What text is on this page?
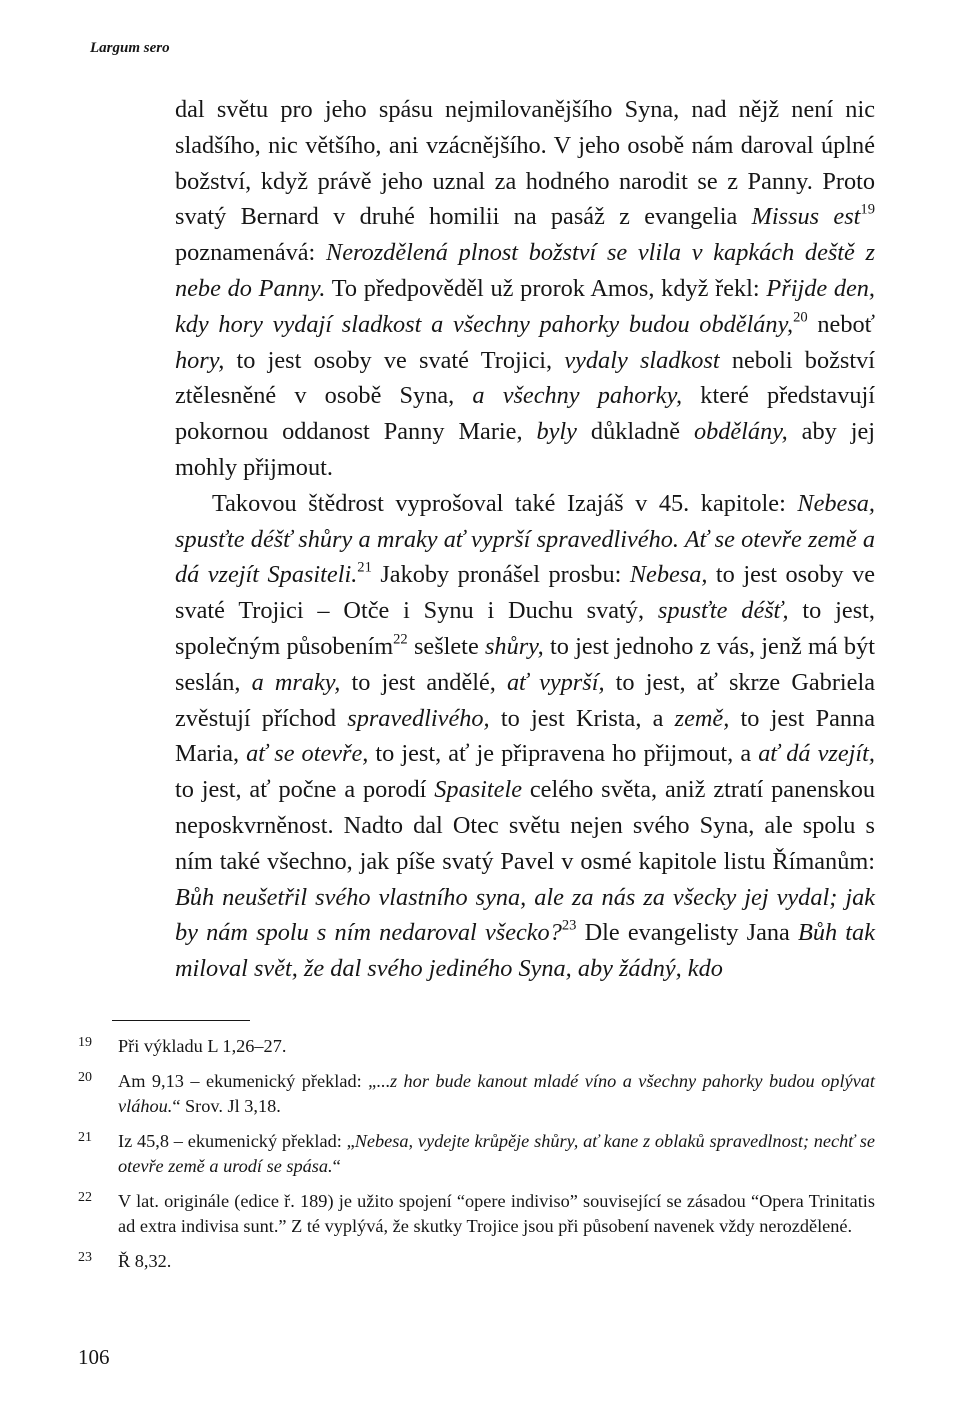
Largum sero

dal světu pro jeho spásu nejmilovanějšího Syna, nad nějž není nic sladšího, nic většího, ani vzácnějšího. V jeho osobě nám daroval úplné božství, když právě jeho uznal za hodného narodit se z Panny. Proto svatý Bernard v druhé homilii na pasáž z evangelia Missus est$^{19}$ poznamenává: Nerozdělená plnost božství se vlila v kapkách deště z nebe do Panny. To předpověděl už prorok Amos, když řekl: Přijde den, kdy hory vydají sladkost a všechny pahorky budou obdělány,$^{20}$ neboť hory, to jest osoby ve svaté Trojici, vydaly sladkost neboli božství ztělesněné v osobě Syna, a všechny pahorky, které představují pokornou oddanost Panny Marie, byly důkladně obdělány, aby jej mohly přijmout.

Takovou štědrost vyprošoval také Izajáš v 45. kapitole: Nebesa, spusťte déšť shůry a mraky ať vyprší spravedlivého. Ať se otevře země a dá vzejít Spasiteli.$^{21}$ Jakoby pronášel prosbu: Nebesa, to jest osoby ve svaté Trojici – Otče i Synu i Duchu svatý, spusťte déšť, to jest, společným působením$^{22}$ sešlete shůry, to jest jednoho z vás, jenž má být seslán, a mraky, to jest andělé, ať vyprší, to jest, ať skrze Gabriela zvěstují příchod spravedlivého, to jest Krista, a země, to jest Panna Maria, ať se otevře, to jest, ať je připravena ho přijmout, a ať dá vzejít, to jest, ať počne a porodí Spasitele celého světa, aniž ztratí panenskou neposkvrněnost. Nadto dal Otec světu nejen svého Syna, ale spolu s ním také všechno, jak píše svatý Pavel v osmé kapitole listu Římanům: Bůh neušetřil svého vlastního syna, ale za nás za všecky jej vydal; jak by nám spolu s ním nedaroval všecko?$^{23}$ Dle evangelisty Jana Bůh tak miloval svět, že dal svého jediného Syna, aby žádný, kdo

19	Při výkladu L 1,26–27.
20	Am 9,13 – ekumenický překlad: „...z hor bude kanout mladé víno a všechny pahorky budou oplývat vláhou.“ Srov. Jl 3,18.
21	Iz 45,8 – ekumenický překlad: „Nebesa, vydejte krůpěje shůry, ať kane z oblaků spravedlnost; nechť se otevře země a urodí se spása.“
22	V lat. originále (edice ř. 189) je užito spojení “opere indiviso” související se zásadou “Opera Trinitatis ad extra indivisa sunt.” Z té vyplývá, že skutky Trojice jsou při působení navenek vždy nerozdělené.
23	Ř 8,32.
106
